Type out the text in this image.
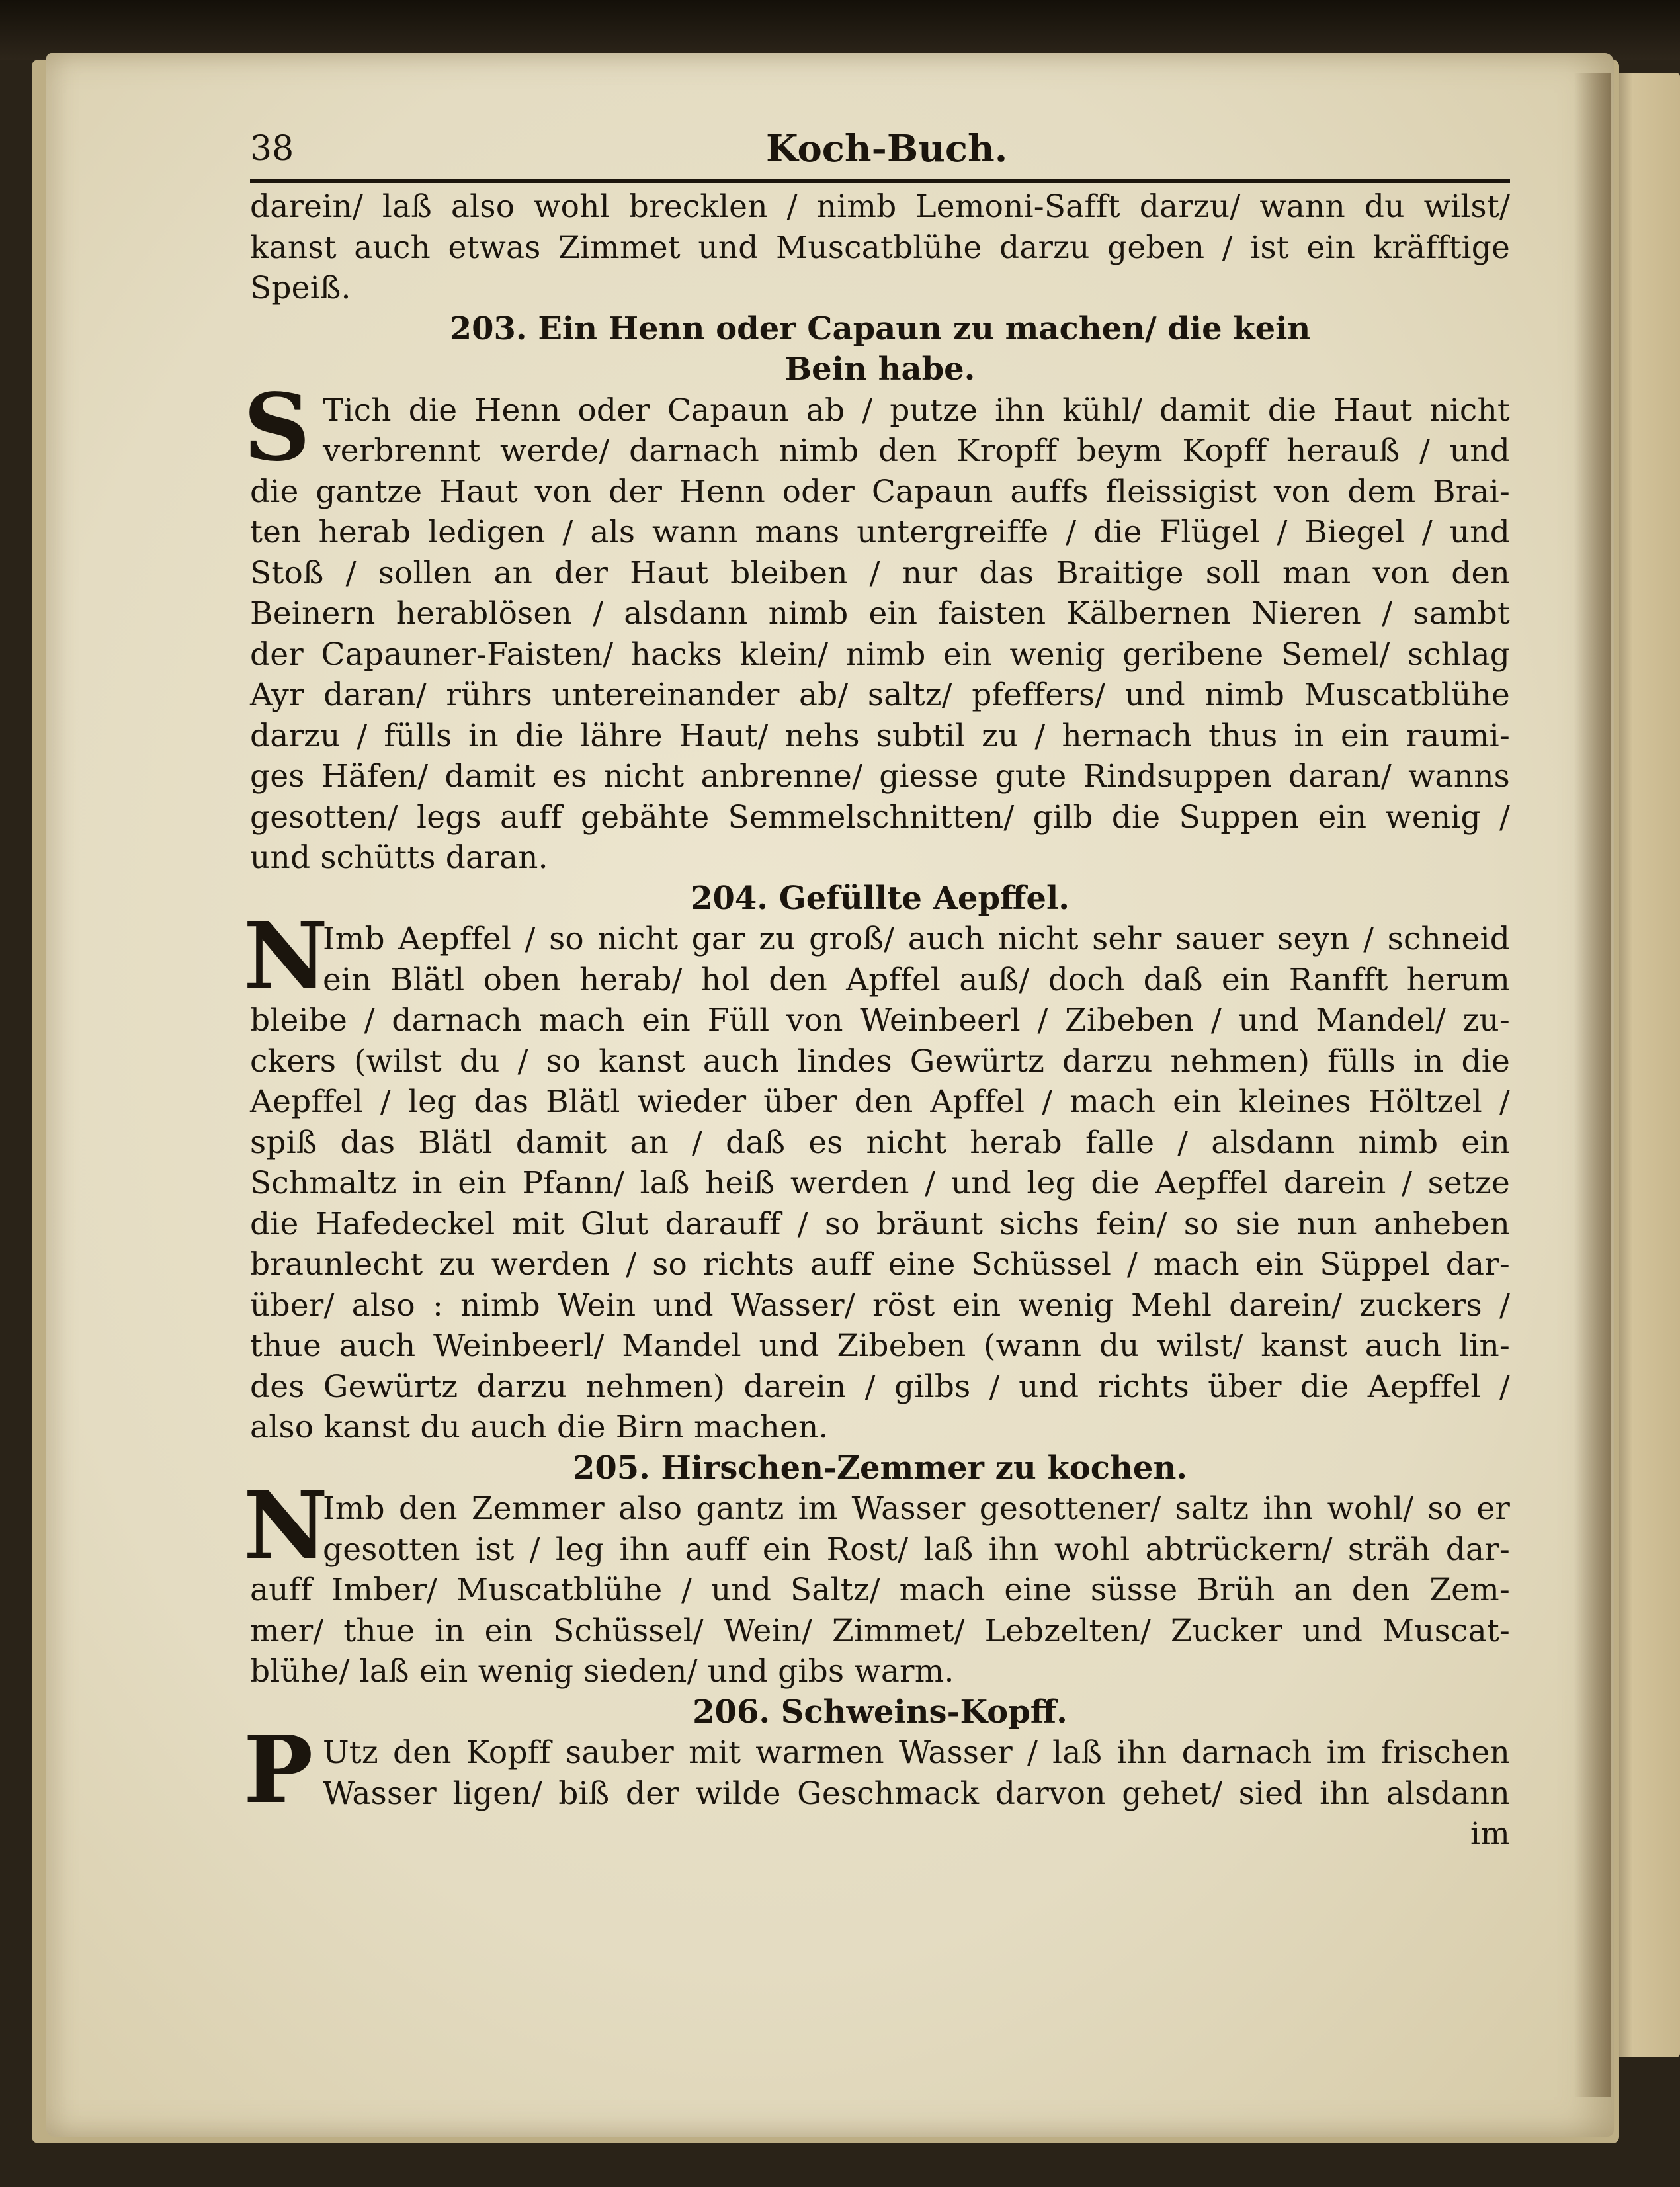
38	Koch-Buch.
darein/ laß also wohl brecklen / nimb Lemoni-Safft darzu/ wann du wilst/
kanst auch etwas Zimmet und Muscatblühe darzu geben / ist ein kräfftige
Speiß.
203. Ein Henn oder Capaun zu machen/ die kein
Bein habe.
S Tich die Henn oder Capaun ab / putze ihn kühl/ damit die Haut nicht
verbrennt werde/ darnach nimb den Kropff beym Kopff herauß / und
die gantze Haut von der Henn oder Capaun auffs fleissigist von dem Brai-
ten herab ledigen / als wann mans untergreiffe / die Flügel / Biegel / und
Stoß / sollen an der Haut bleiben / nur das Braitige soll man von den
Beinern herablösen / alsdann nimb ein faisten Kälbernen Nieren / sambt
der Capauner-Faisten/ hacks klein/ nimb ein wenig geribene Semel/ schlag
Ayr daran/ rührs untereinander ab/ saltz/ pfeffers/ und nimb Muscatblühe
darzu / fülls in die lähre Haut/ nehs subtil zu / hernach thus in ein raumi-
ges Häfen/ damit es nicht anbrenne/ giesse gute Rindsuppen daran/ wanns
gesotten/ legs auff gebähte Semmelschnitten/ gilb die Suppen ein wenig /
und schütts daran.
204. Gefüllte Aepffel.
N
Imb Aepffel / so nicht gar zu groß/ auch nicht sehr sauer seyn / schneid
ein Blätl oben herab/ hol den Apffel auß/ doch daß ein Ranfft herum
bleibe / darnach mach ein Füll von Weinbeerl / Zibeben / und Mandel/ zu-
ckers (wilst du / so kanst auch lindes Gewürtz darzu nehmen) fülls in die
Aepffel / leg das Blätl wieder über den Apffel / mach ein kleines Höltzel /
spiß das Blätl damit an / daß es nicht herab falle / alsdann nimb ein
Schmaltz in ein Pfann/ laß heiß werden / und leg die Aepffel darein / setze
die Hafedeckel mit Glut darauff / so bräunt sichs fein/ so sie nun anheben
braunlecht zu werden / so richts auff eine Schüssel / mach ein Süppel dar-
über/ also : nimb Wein und Wasser/ röst ein wenig Mehl darein/ zuckers /
thue auch Weinbeerl/ Mandel und Zibeben (wann du wilst/ kanst auch lin-
des Gewürtz darzu nehmen) darein / gilbs / und richts über die Aepffel /
also kanst du auch die Birn machen.
205. Hirschen-Zemmer zu kochen.
N
Imb den Zemmer also gantz im Wasser gesottener/ saltz ihn wohl/ so er
gesotten ist / leg ihn auff ein Rost/ laß ihn wohl abtrückern/ sträh dar-
auff Imber/ Muscatblühe / und Saltz/ mach eine süsse Brüh an den Zem-
mer/ thue in ein Schüssel/ Wein/ Zimmet/ Lebzelten/ Zucker und Muscat-
blühe/ laß ein wenig sieden/ und gibs warm.
206. Schweins-Kopff.
P Utz den Kopff sauber mit warmen Wasser / laß ihn darnach im frischen
Wasser ligen/ biß der wilde Geschmack darvon gehet/ sied ihn alsdann
im
